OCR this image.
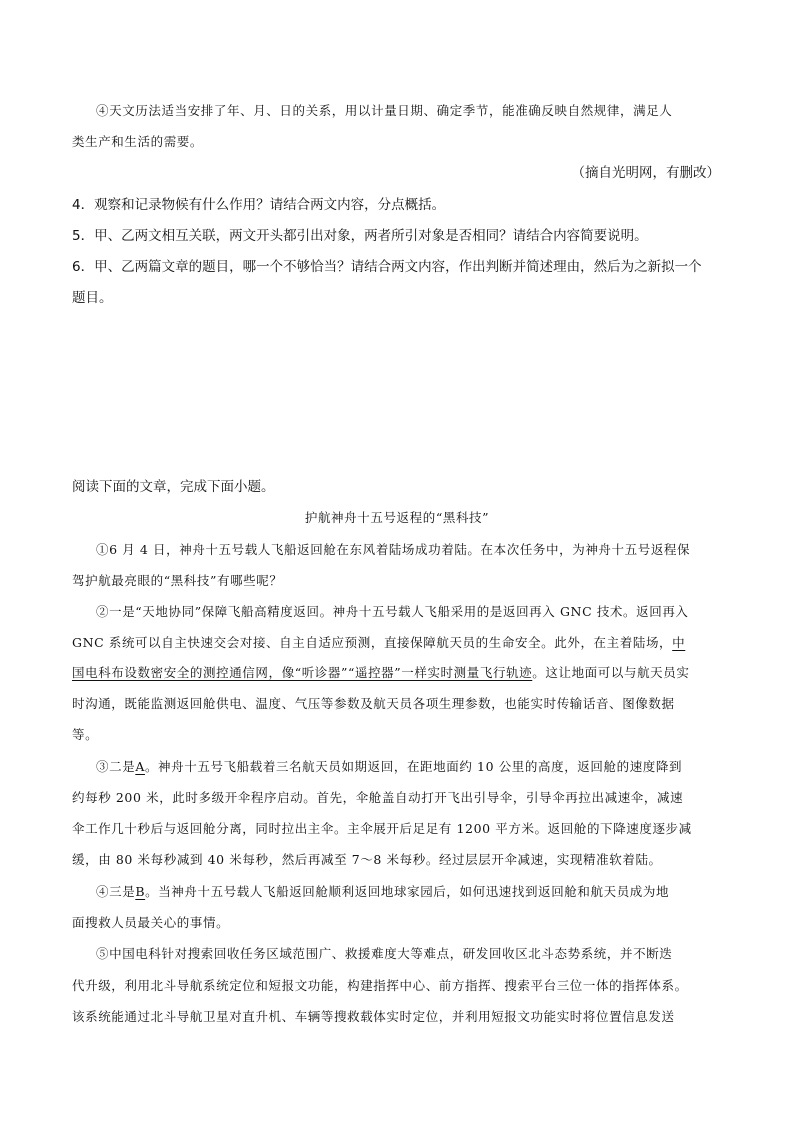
④天文历法适当安排了年、月、日的关系，用以计量日期、确定季节，能准确反映自然规律，满足人
类生产和生活的需要。
（摘自光明网，有删改）
4．观察和记录物候有什么作用？请结合两文内容，分点概括。
5．甲、乙两文相互关联，两文开头都引出对象，两者所引对象是否相同？请结合内容简要说明。
6．甲、乙两篇文章的题目，哪一个不够恰当？请结合两文内容，作出判断并简述理由，然后为之新拟一个
题目。
阅读下面的文章，完成下面小题。
护航神舟十五号返程的“黑科技”
①6 月 4 日，神舟十五号载人飞船返回舱在东风着陆场成功着陆。在本次任务中，为神舟十五号返程保
驾护航最亮眼的“黑科技”有哪些呢？
②一是“天地协同”保障飞船高精度返回。神舟十五号载人飞船采用的是返回再入 GNC 技术。返回再入
GNC 系统可以自主快速交会对接、自主自适应预测，直接保障航天员的生命安全。此外，在主着陆场，中
国电科布设数密安全的测控通信网，像“听诊器”“遥控器”一样实时测量飞行轨迹。这让地面可以与航天员实
时沟通，既能监测返回舱供电、温度、气压等参数及航天员各项生理参数，也能实时传输话音、图像数据
等。
③二是A。神舟十五号飞船载着三名航天员如期返回，在距地面约 10 公里的高度，返回舱的速度降到
约每秒 200 米，此时多级开伞程序启动。首先，伞舱盖自动打开飞出引导伞，引导伞再拉出减速伞，减速
伞工作几十秒后与返回舱分离，同时拉出主伞。主伞展开后足足有 1200 平方米。返回舱的下降速度逐步减
缓，由 80 米每秒减到 40 米每秒，然后再减至 7～8 米每秒。经过层层开伞减速，实现精准软着陆。
④三是B。当神舟十五号载人飞船返回舱顺利返回地球家园后，如何迅速找到返回舱和航天员成为地
面搜救人员最关心的事情。
⑤中国电科针对搜索回收任务区域范围广、救援难度大等难点，研发回收区北斗态势系统，并不断迭
代升级，利用北斗导航系统定位和短报文功能，构建指挥中心、前方指挥、搜索平台三位一体的指挥体系。
该系统能通过北斗导航卫星对直升机、车辆等搜救载体实时定位，并利用短报文功能实时将位置信息发送
